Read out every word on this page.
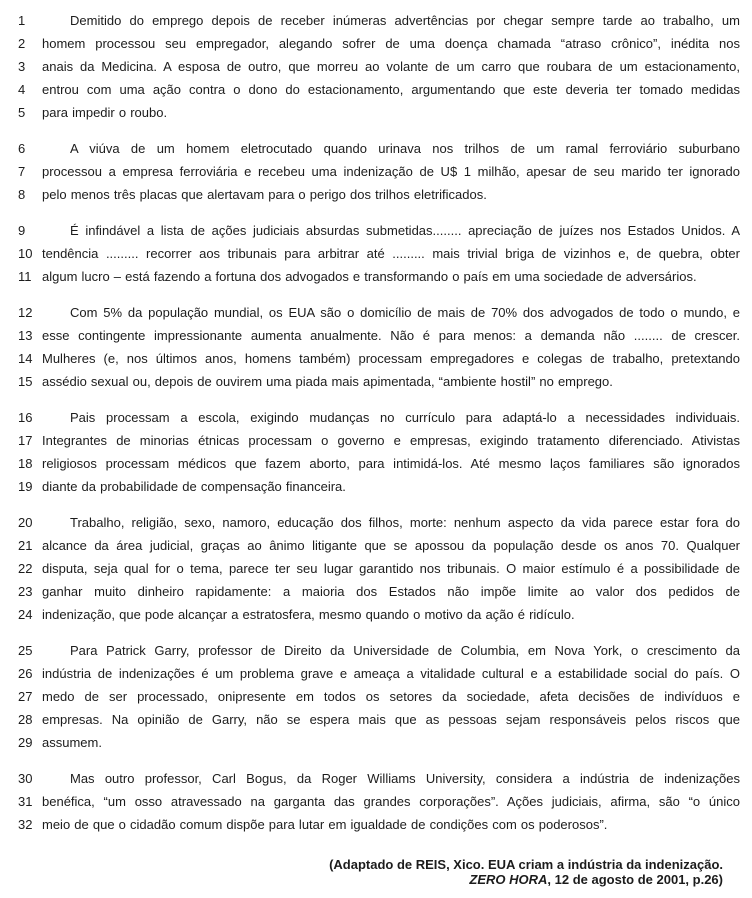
1	Demitido do emprego depois de receber inúmeras advertências por chegar sempre tarde ao trabalho, um
2	homem processou seu empregador, alegando sofrer de uma doença chamada “atraso crônico”, inédita nos
3	anais da Medicina. A esposa de outro, que morreu ao volante de um carro que roubara de um estacionamento,
4	entrou com uma ação contra o dono do estacionamento, argumentando que este deveria ter tomado medidas
5	para impedir o roubo.
6	A viúva de um homem eletrocutado quando urinava nos trilhos de um ramal ferroviário suburbano
7	processou a empresa ferroviária e recebeu uma indenização de U$ 1 milhão, apesar de seu marido ter ignorado
8	pelo menos três placas que alertavam para o perigo dos trilhos eletrificados.
9	É infindável a lista de ações judiciais absurdas submetidas........ apreciação de juízes nos Estados Unidos. A
10 tendência ......... recorrer aos tribunais para arbitrar até ......... mais trivial briga de vizinhos e, de quebra, obter
11 algum lucro – está fazendo a fortuna dos advogados e transformando o país em uma sociedade de adversários.
12	Com 5% da população mundial, os EUA são o domicílio de mais de 70% dos advogados de todo o mundo, e
13 esse contingente impressionante aumenta anualmente. Não é para menos: a demanda não ........ de crescer.
14 Mulheres (e, nos últimos anos, homens também) processam empregadores e colegas de trabalho, pretextando
15 assédio sexual ou, depois de ouvirem uma piada mais apimentada, “ambiente hostil” no emprego.
16	Pais processam a escola, exigindo mudanças no currículo para adaptá-lo a necessidades individuais.
17 Integrantes de minorias étnicas processam o governo e empresas, exigindo tratamento diferenciado. Ativistas
18 religiosos processam médicos que fazem aborto, para intimidá-los. Até mesmo laços familiares são ignorados
19 diante da probabilidade de compensação financeira.
20	Trabalho, religião, sexo, namoro, educação dos filhos, morte: nenhum aspecto da vida parece estar fora do
21 alcance da área judicial, graças ao ânimo litigante que se apossou da população desde os anos 70. Qualquer
22 disputa, seja qual for o tema, parece ter seu lugar garantido nos tribunais. O maior estímulo é a possibilidade de
23 ganhar muito dinheiro rapidamente: a maioria dos Estados não impõe limite ao valor dos pedidos de
24 indenização, que pode alcançar a estratosfera, mesmo quando o motivo da ação é ridículo.
25	Para Patrick Garry, professor de Direito da Universidade de Columbia, em Nova York, o crescimento da
26 indústria de indenizações é um problema grave e ameaça a vitalidade cultural e a estabilidade social do país. O
27 medo de ser processado, onipresente em todos os setores da sociedade, afeta decisões de indivíduos e
28 empresas. Na opinião de Garry, não se espera mais que as pessoas sejam responsáveis pelos riscos que
29 assumem.
30	Mas outro professor, Carl Bogus, da Roger Williams University, considera a indústria de indenizações
31 benéfica, “um osso atravessado na garganta das grandes corporações”. Ações judiciais, afirma, são “o único
32 meio de que o cidadão comum dispõe para lutar em igualdade de condições com os poderosos”.
(Adaptado de REIS, Xico. EUA criam a indústria da indenização.
ZERO HORA, 12 de agosto de 2001, p.26)
